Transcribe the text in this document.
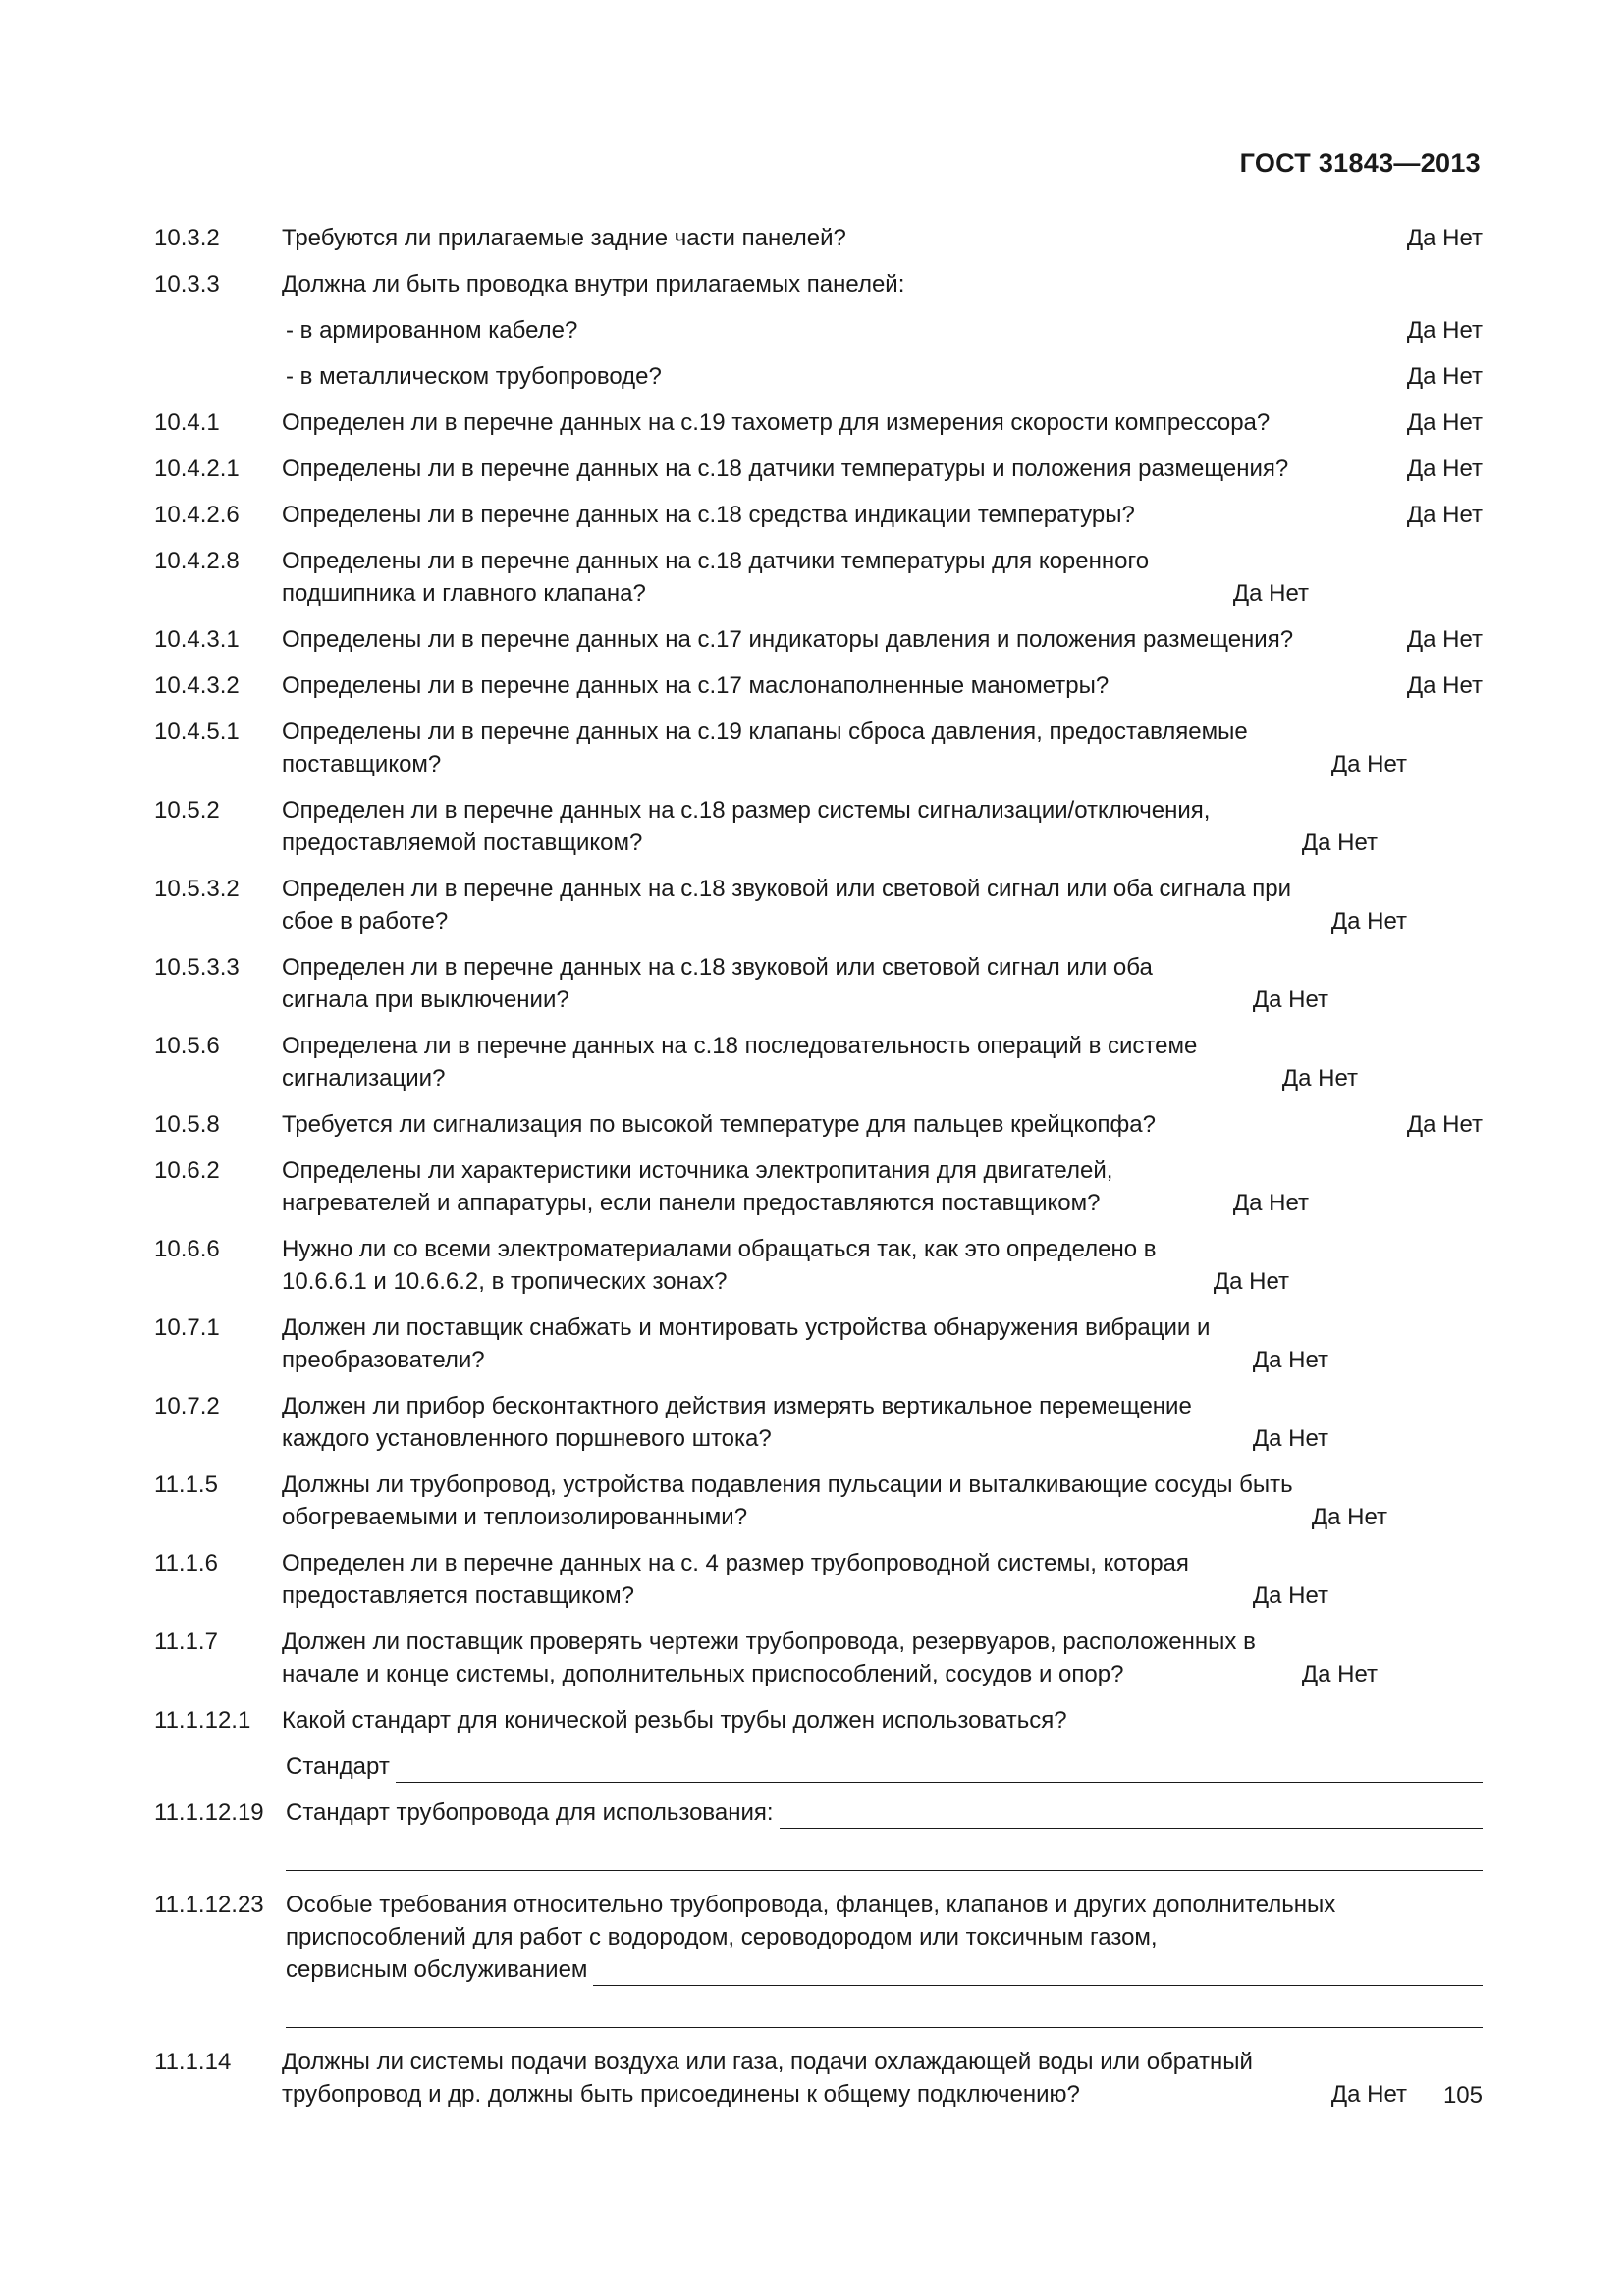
ГОСТ 31843—2013
10.3.2	Требуются ли прилагаемые задние части панелей?	Да Нет
10.3.3	Должна ли быть проводка внутри прилагаемых панелей:
- в армированном кабеле?	Да Нет
- в металлическом трубопроводе?	Да Нет
10.4.1	Определен ли в перечне данных на с.19 тахометр для измерения скорости компрессора?	Да Нет
10.4.2.1	Определены ли в перечне данных на с.18 датчики температуры и положения размещения?	Да Нет
10.4.2.6	Определены ли в перечне данных на с.18 средства индикации температуры?	Да Нет
10.4.2.8	Определены ли в перечне данных на с.18 датчики температуры для коренного подшипника и главного клапана?	Да Нет
10.4.3.1	Определены ли в перечне данных на с.17 индикаторы давления и положения размещения?	Да Нет
10.4.3.2	Определены ли в перечне данных на с.17 маслонаполненные манометры?	Да Нет
10.4.5.1	Определены ли в перечне данных на с.19 клапаны сброса давления, предоставляемые поставщиком?	Да Нет
10.5.2	Определен ли в перечне данных на с.18 размер системы сигнализации/отключения, предоставляемой поставщиком?	Да Нет
10.5.3.2	Определен ли в перечне данных на с.18 звуковой или световой сигнал или оба сигнала при сбое в работе?	Да Нет
10.5.3.3	Определен ли в перечне данных на с.18 звуковой или световой сигнал или оба сигнала при выключении?	Да Нет
10.5.6	Определена ли в перечне данных на с.18 последовательность операций в системе сигнализации?	Да Нет
10.5.8	Требуется ли сигнализация по высокой температуре для пальцев крейцкопфа?	Да Нет
10.6.2	Определены ли характеристики источника электропитания для двигателей, нагревателей и аппаратуры, если панели предоставляются поставщиком?	Да Нет
10.6.6	Нужно ли со всеми электроматериалами обращаться так, как это определено в 10.6.6.1 и 10.6.6.2, в тропических зонах?	Да Нет
10.7.1	Должен ли поставщик снабжать и монтировать устройства обнаружения вибрации и преобразователи?	Да Нет
10.7.2	Должен ли прибор бесконтактного действия измерять вертикальное перемещение каждого установленного поршневого штока?	Да Нет
11.1.5	Должны ли трубопровод, устройства подавления пульсации и выталкивающие сосуды быть обогреваемыми и теплоизолированными?	Да Нет
11.1.6	Определен ли в перечне данных на с. 4 размер трубопроводной системы, которая предоставляется поставщиком?	Да Нет
11.1.7	Должен ли поставщик проверять чертежи трубопровода, резервуаров, расположенных в начале и конце системы, дополнительных приспособлений, сосудов и опор?	Да Нет
11.1.12.1	Какой стандарт для конической резьбы трубы должен использоваться?
Стандарт
11.1.12.19 Стандарт трубопровода для использования:
11.1.12.23 Особые требования относительно трубопровода, фланцев, клапанов и других дополнительных приспособлений для работ с водородом, сероводородом или токсичным газом,
сервисным обслуживанием
11.1.14	Должны ли системы подачи воздуха или газа, подачи охлаждающей воды или обратный трубопровод и др. должны быть присоединены к общему подключению?	Да Нет 105
